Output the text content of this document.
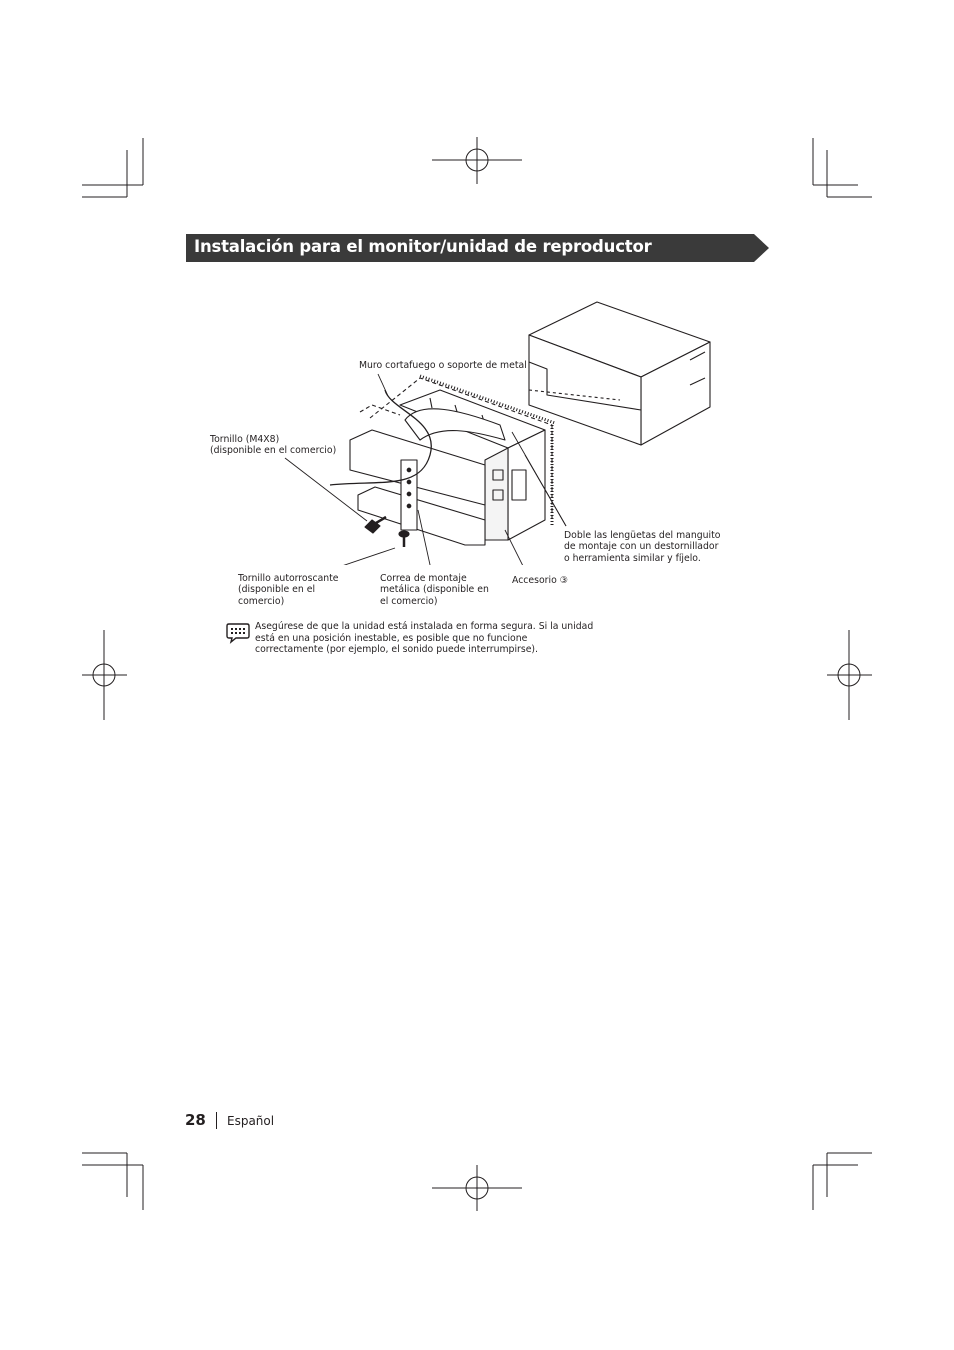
Instalación para el monitor/unidad de reproductor
Muro cortafuego o soporte de metal
Tornillo (M4X8)
(disponible en el comercio)
Doble las lengüetas del manguito
de montaje con un destornillador
o herramienta similar y fíjelo.
Tornillo autorroscante
(disponible en el
comercio)
Correa de montaje
metálica (disponible en
el comercio)
Accesorio ③
Asegúrese de que la unidad está instalada en forma segura. Si la unidad está en una posición inestable, es posible que no funcione correctamente (por ejemplo, el sonido puede interrumpirse).
28 Español
